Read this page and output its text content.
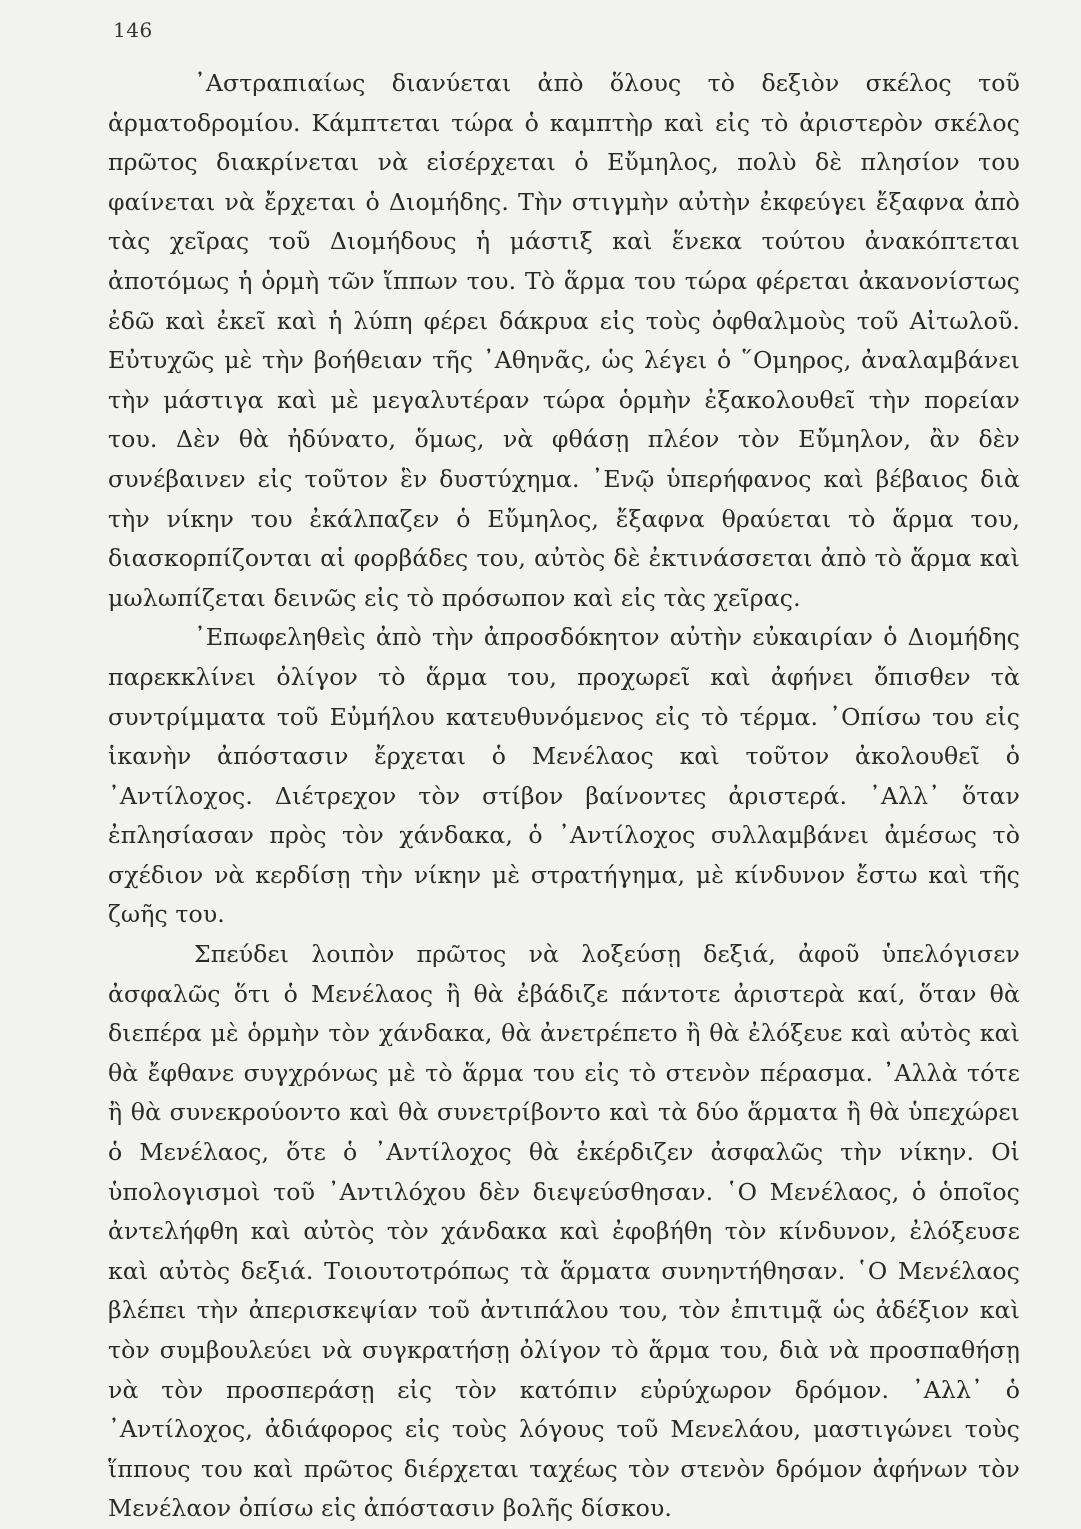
146

᾿Αστραπιαίως διανύεται ἀπὸ ὅλους τὸ δεξιὸν σκέλος τοῦ ἁρματοδρομίου. Κάμπτεται τώρα ὁ καμπτὴρ καὶ εἰς τὸ ἀριστερὸν σκέλος πρῶτος διακρίνεται νὰ εἰσέρχεται ὁ Εὔμηλος, πολὺ δὲ πλησίον του φαίνεται νὰ ἔρχεται ὁ Διομήδης. Τὴν στιγμὴν αὐτὴν ἐκφεύγει ἔξαφνα ἀπὸ τὰς χεῖρας τοῦ Διομήδους ἡ μάστιξ καὶ ἕνεκα τούτου ἀνακόπτεται ἀποτόμως ἡ ὁρμὴ τῶν ἵππων του. Τὸ ἅρμα του τώρα φέρεται ἀκανονίστως ἐδῶ καὶ ἐκεῖ καὶ ἡ λύπη φέρει δάκρυα εἰς τοὺς ὀφθαλμοὺς τοῦ Αἰτωλοῦ. Εὐτυχῶς μὲ τὴν βοήθειαν τῆς ᾿Αθηνᾶς, ὡς λέγει ὁ ῞Ομηρος, ἀναλαμβάνει τὴν μάστιγα καὶ μὲ μεγαλυτέραν τώρα ὁρμὴν ἐξακολουθεῖ τὴν πορείαν του. Δὲν θὰ ἠδύνατο, ὅμως, νὰ φθάσῃ πλέον τὸν Εὔμηλον, ἂν δὲν συνέβαινεν εἰς τοῦτον ἓν δυστύχημα. ᾿Ενῷ ὑπερήφανος καὶ βέβαιος διὰ τὴν νίκην του ἐκάλπαζεν ὁ Εὔμηλος, ἔξαφνα θραύεται τὸ ἅρμα του, διασκορπίζονται αἱ φορβάδες του, αὐτὸς δὲ ἐκτινάσσεται ἀπὸ τὸ ἅρμα καὶ μωλωπίζεται δεινῶς εἰς τὸ πρόσωπον καὶ εἰς τὰς χεῖρας.

᾿Επωφεληθεὶς ἀπὸ τὴν ἀπροσδόκητον αὐτὴν εὐκαιρίαν ὁ Διομήδης παρεκκλίνει ὀλίγον τὸ ἅρμα του, προχωρεῖ καὶ ἀφήνει ὄπισθεν τὰ συντρίμματα τοῦ Εὐμήλου κατευθυνόμενος εἰς τὸ τέρμα. ᾿Οπίσω του εἰς ἱκανὴν ἀπόστασιν ἔρχεται ὁ Μενέλαος καὶ τοῦτον ἀκολουθεῖ ὁ ᾿Αντίλοχος. Διέτρεχον τὸν στίβον βαίνοντες ἀριστερά. ᾿Αλλ᾿ ὅταν ἐπλησίασαν πρὸς τὸν χάνδακα, ὁ ᾿Αντίλοχος συλλαμβάνει ἀμέσως τὸ σχέδιον νὰ κερδίσῃ τὴν νίκην μὲ στρατήγημα, μὲ κίνδυνον ἔστω καὶ τῆς ζωῆς του.

Σπεύδει λοιπὸν πρῶτος νὰ λοξεύσῃ δεξιά, ἀφοῦ ὑπελόγισεν ἀσφαλῶς ὅτι ὁ Μενέλαος ἢ θὰ ἐβάδιζε πάντοτε ἀριστερὰ καί, ὅταν θὰ διεπέρα μὲ ὁρμὴν τὸν χάνδακα, θὰ ἀνετρέπετο ἢ θὰ ἐλόξευε καὶ αὐτὸς καὶ θὰ ἔφθανε συγχρόνως μὲ τὸ ἅρμα του εἰς τὸ στενὸν πέρασμα. ᾿Αλλὰ τότε ἢ θὰ συνεκρούοντο καὶ θὰ συνετρίβοντο καὶ τὰ δύο ἅρματα ἢ θὰ ὑπεχώρει ὁ Μενέλαος, ὅτε ὁ ᾿Αντίλοχος θὰ ἐκέρδιζεν ἀσφαλῶς τὴν νίκην. Οἱ ὑπολογισμοὶ τοῦ ᾿Αντιλόχου δὲν διεψεύσθησαν. ῾Ο Μενέλαος, ὁ ὁποῖος ἀντελήφθη καὶ αὐτὸς τὸν χάνδακα καὶ ἐφοβήθη τὸν κίνδυνον, ἐλόξευσε καὶ αὐτὸς δεξιά. Τοιουτοτρόπως τὰ ἅρματα συνηντήθησαν. ῾Ο Μενέλαος βλέπει τὴν ἀπερισκεψίαν τοῦ ἀντιπάλου του, τὸν ἐπιτιμᾷ ὡς ἀδέξιον καὶ τὸν συμβουλεύει νὰ συγκρατήσῃ ὀλίγον τὸ ἅρμα του, διὰ νὰ προσπαθήσῃ νὰ τὸν προσπεράσῃ εἰς τὸν κατόπιν εὐρύχωρον δρόμον. ᾿Αλλ᾿ ὁ ᾿Αντίλοχος, ἀδιάφορος εἰς τοὺς λόγους τοῦ Μενελάου, μαστιγώνει τοὺς ἵππους του καὶ πρῶτος διέρχεται ταχέως τὸν στενὸν δρόμον ἀφήνων τὸν Μενέλαον ὀπίσω εἰς ἀπόστασιν βολῆς δίσκου.
